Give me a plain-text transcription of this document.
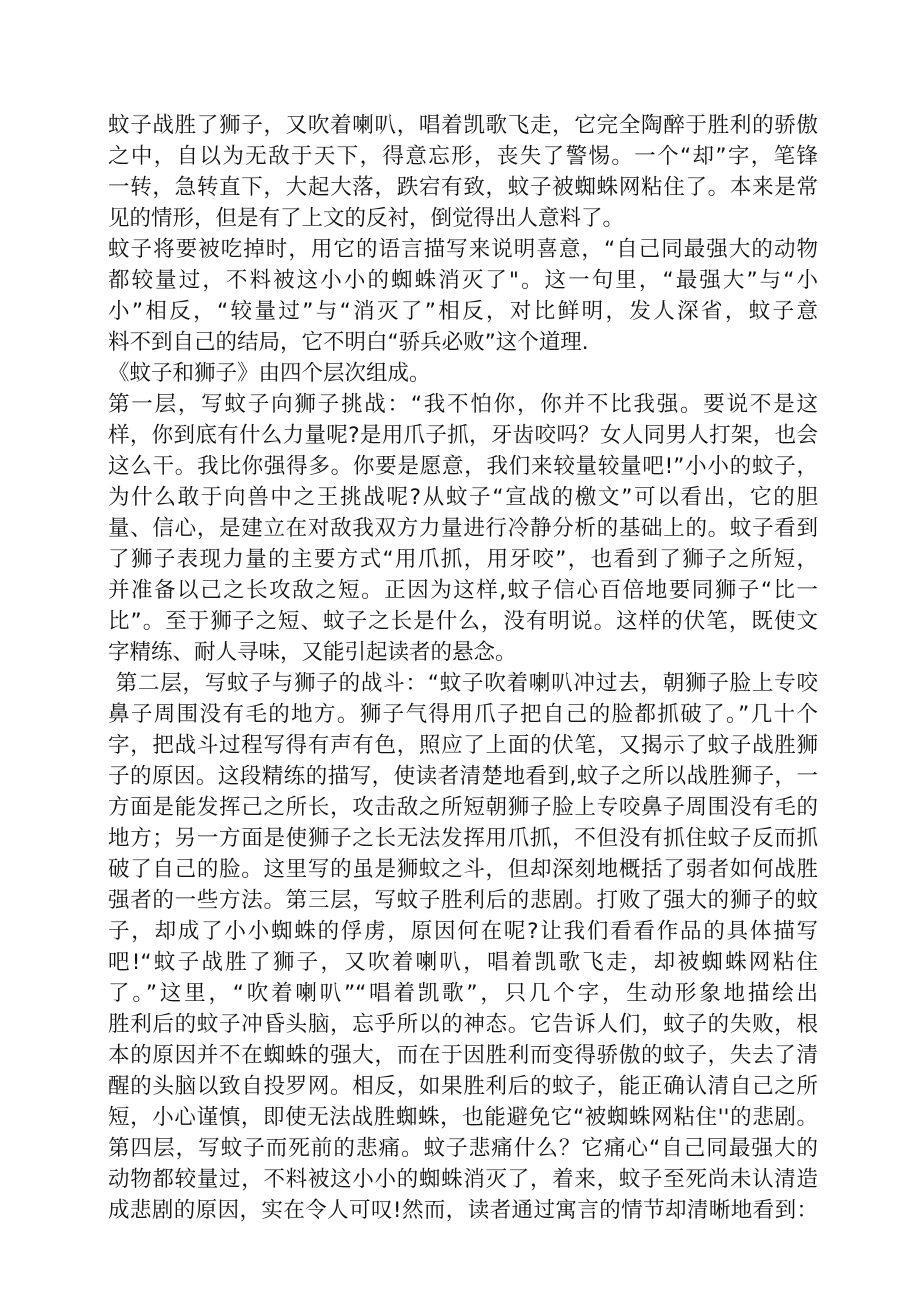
蚊子战胜了狮子，又吹着喇叭，唱着凯歌飞走，它完全陶醉于胜利的骄傲
之中，自以为无敌于天下，得意忘形，丧失了警惕。一个“却”字，笔锋
一转，急转直下，大起大落，跌宕有致，蚊子被蜘蛛网粘住了。本来是常
见的情形，但是有了上文的反衬，倒觉得出人意料了。
蚊子将要被吃掉时，用它的语言描写来说明喜意，“自己同最强大的动物
都较量过，不料被这小小的蜘蛛消灭了"。这一句里，“最强大”与“小
小”相反，“较量过”与“消灭了”相反，对比鲜明，发人深省，蚊子意
料不到自己的结局，它不明白“骄兵必败”这个道理.
《蚊子和狮子》由四个层次组成。
第一层，写蚊子向狮子挑战：“我不怕你，你并不比我强。要说不是这
样，你到底有什么力量呢?是用爪子抓，牙齿咬吗？女人同男人打架，也会
这么干。我比你强得多。你要是愿意，我们来较量较量吧!”小小的蚊子，
为什么敢于向兽中之王挑战呢?从蚊子“宣战的檄文”可以看出，它的胆
量、信心，是建立在对敌我双方力量进行冷静分析的基础上的。蚊子看到
了狮子表现力量的主要方式“用爪抓，用牙咬”，也看到了狮子之所短，
并准备以己之长攻敌之短。正因为这样,蚊子信心百倍地要同狮子“比一
比”。至于狮子之短、蚊子之长是什么，没有明说。这样的伏笔，既使文
字精练、耐人寻味，又能引起读者的悬念。
第二层，写蚊子与狮子的战斗：“蚊子吹着喇叭冲过去，朝狮子脸上专咬
鼻子周围没有毛的地方。狮子气得用爪子把自己的脸都抓破了。”几十个
字，把战斗过程写得有声有色，照应了上面的伏笔，又揭示了蚊子战胜狮
子的原因。这段精练的描写，使读者清楚地看到,蚊子之所以战胜狮子，一
方面是能发挥己之所长，攻击敌之所短朝狮子脸上专咬鼻子周围没有毛的
地方；另一方面是使狮子之长无法发挥用爪抓，不但没有抓住蚊子反而抓
破了自己的脸。这里写的虽是狮蚊之斗，但却深刻地概括了弱者如何战胜
强者的一些方法。第三层，写蚊子胜利后的悲剧。打败了强大的狮子的蚊
子，却成了小小蜘蛛的俘虏，原因何在呢?让我们看看作品的具体描写
吧!“蚊子战胜了狮子，又吹着喇叭，唱着凯歌飞走，却被蜘蛛网粘住
了。”这里，“吹着喇叭”“唱着凯歌”，只几个字，生动形象地描绘出
胜利后的蚊子冲昏头脑，忘乎所以的神态。它告诉人们，蚊子的失败，根
本的原因并不在蜘蛛的强大，而在于因胜利而变得骄傲的蚊子，失去了清
醒的头脑以致自投罗网。相反，如果胜利后的蚊子，能正确认清自己之所
短，小心谨慎，即使无法战胜蜘蛛，也能避免它“被蜘蛛网粘住''的悲剧。
第四层，写蚊子而死前的悲痛。蚊子悲痛什么？它痛心“自己同最强大的
动物都较量过，不料被这小小的蜘蛛消灭了，着来，蚊子至死尚未认清造
成悲剧的原因，实在令人可叹!然而，读者通过寓言的情节却清晰地看到：
